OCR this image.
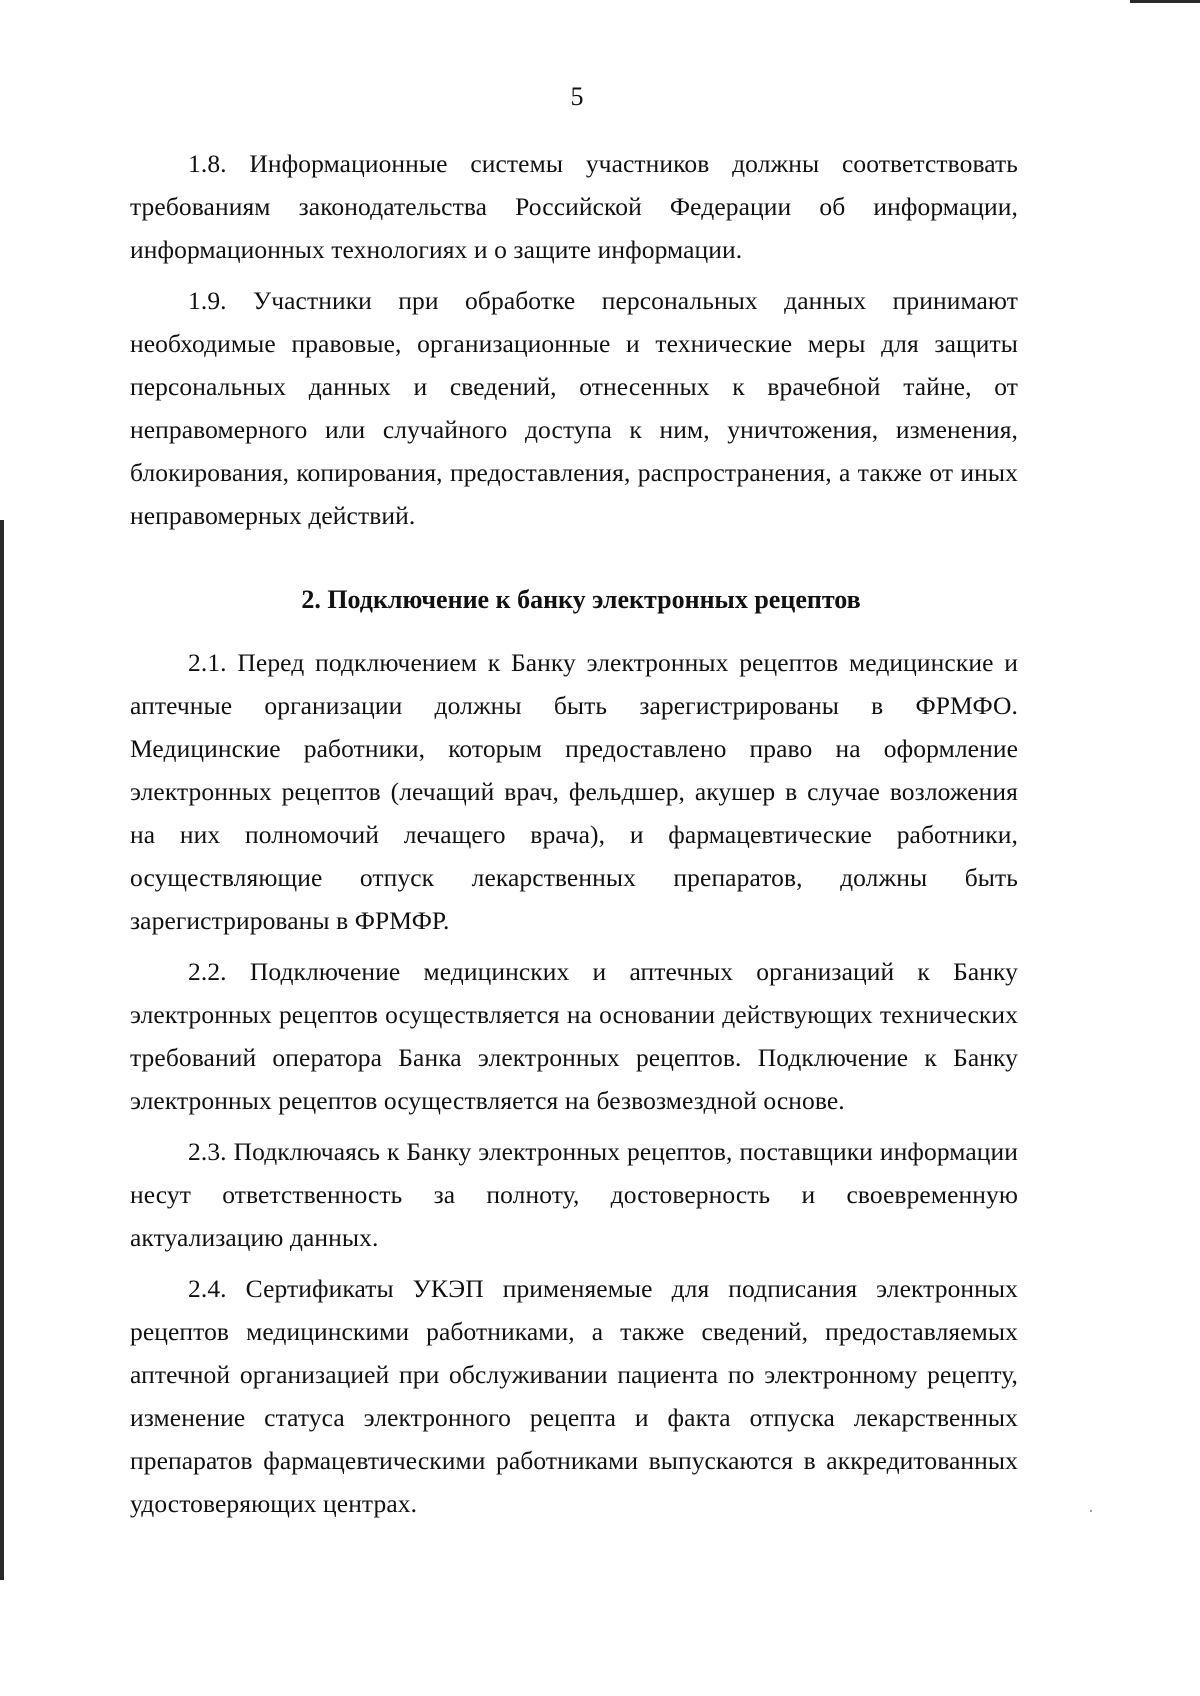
5

1.8. Информационные системы участников должны соответствовать требованиям законодательства Российской Федерации об информации, информационных технологиях и о защите информации.

1.9. Участники при обработке персональных данных принимают необходимые правовые, организационные и технические меры для защиты персональных данных и сведений, отнесенных к врачебной тайне, от неправомерного или случайного доступа к ним, уничтожения, изменения, блокирования, копирования, предоставления, распространения, а также от иных неправомерных действий.

2. Подключение к банку электронных рецептов

2.1. Перед подключением к Банку электронных рецептов медицинские и аптечные организации должны быть зарегистрированы в ФРМФО. Медицинские работники, которым предоставлено право на оформление электронных рецептов (лечащий врач, фельдшер, акушер в случае возложения на них полномочий лечащего врача), и фармацевтические работники, осуществляющие отпуск лекарственных препаратов, должны быть зарегистрированы в ФРМФР.

2.2. Подключение медицинских и аптечных организаций к Банку электронных рецептов осуществляется на основании действующих технических требований оператора Банка электронных рецептов. Подключение к Банку электронных рецептов осуществляется на безвозмездной основе.

2.3. Подключаясь к Банку электронных рецептов, поставщики информации несут ответственность за полноту, достоверность и своевременную актуализацию данных.

2.4. Сертификаты УКЭП применяемые для подписания электронных рецептов медицинскими работниками, а также сведений, предоставляемых аптечной организацией при обслуживании пациента по электронному рецепту, изменение статуса электронного рецепта и факта отпуска лекарственных препаратов фармацевтическими работниками выпускаются в аккредитованных удостоверяющих центрах.
